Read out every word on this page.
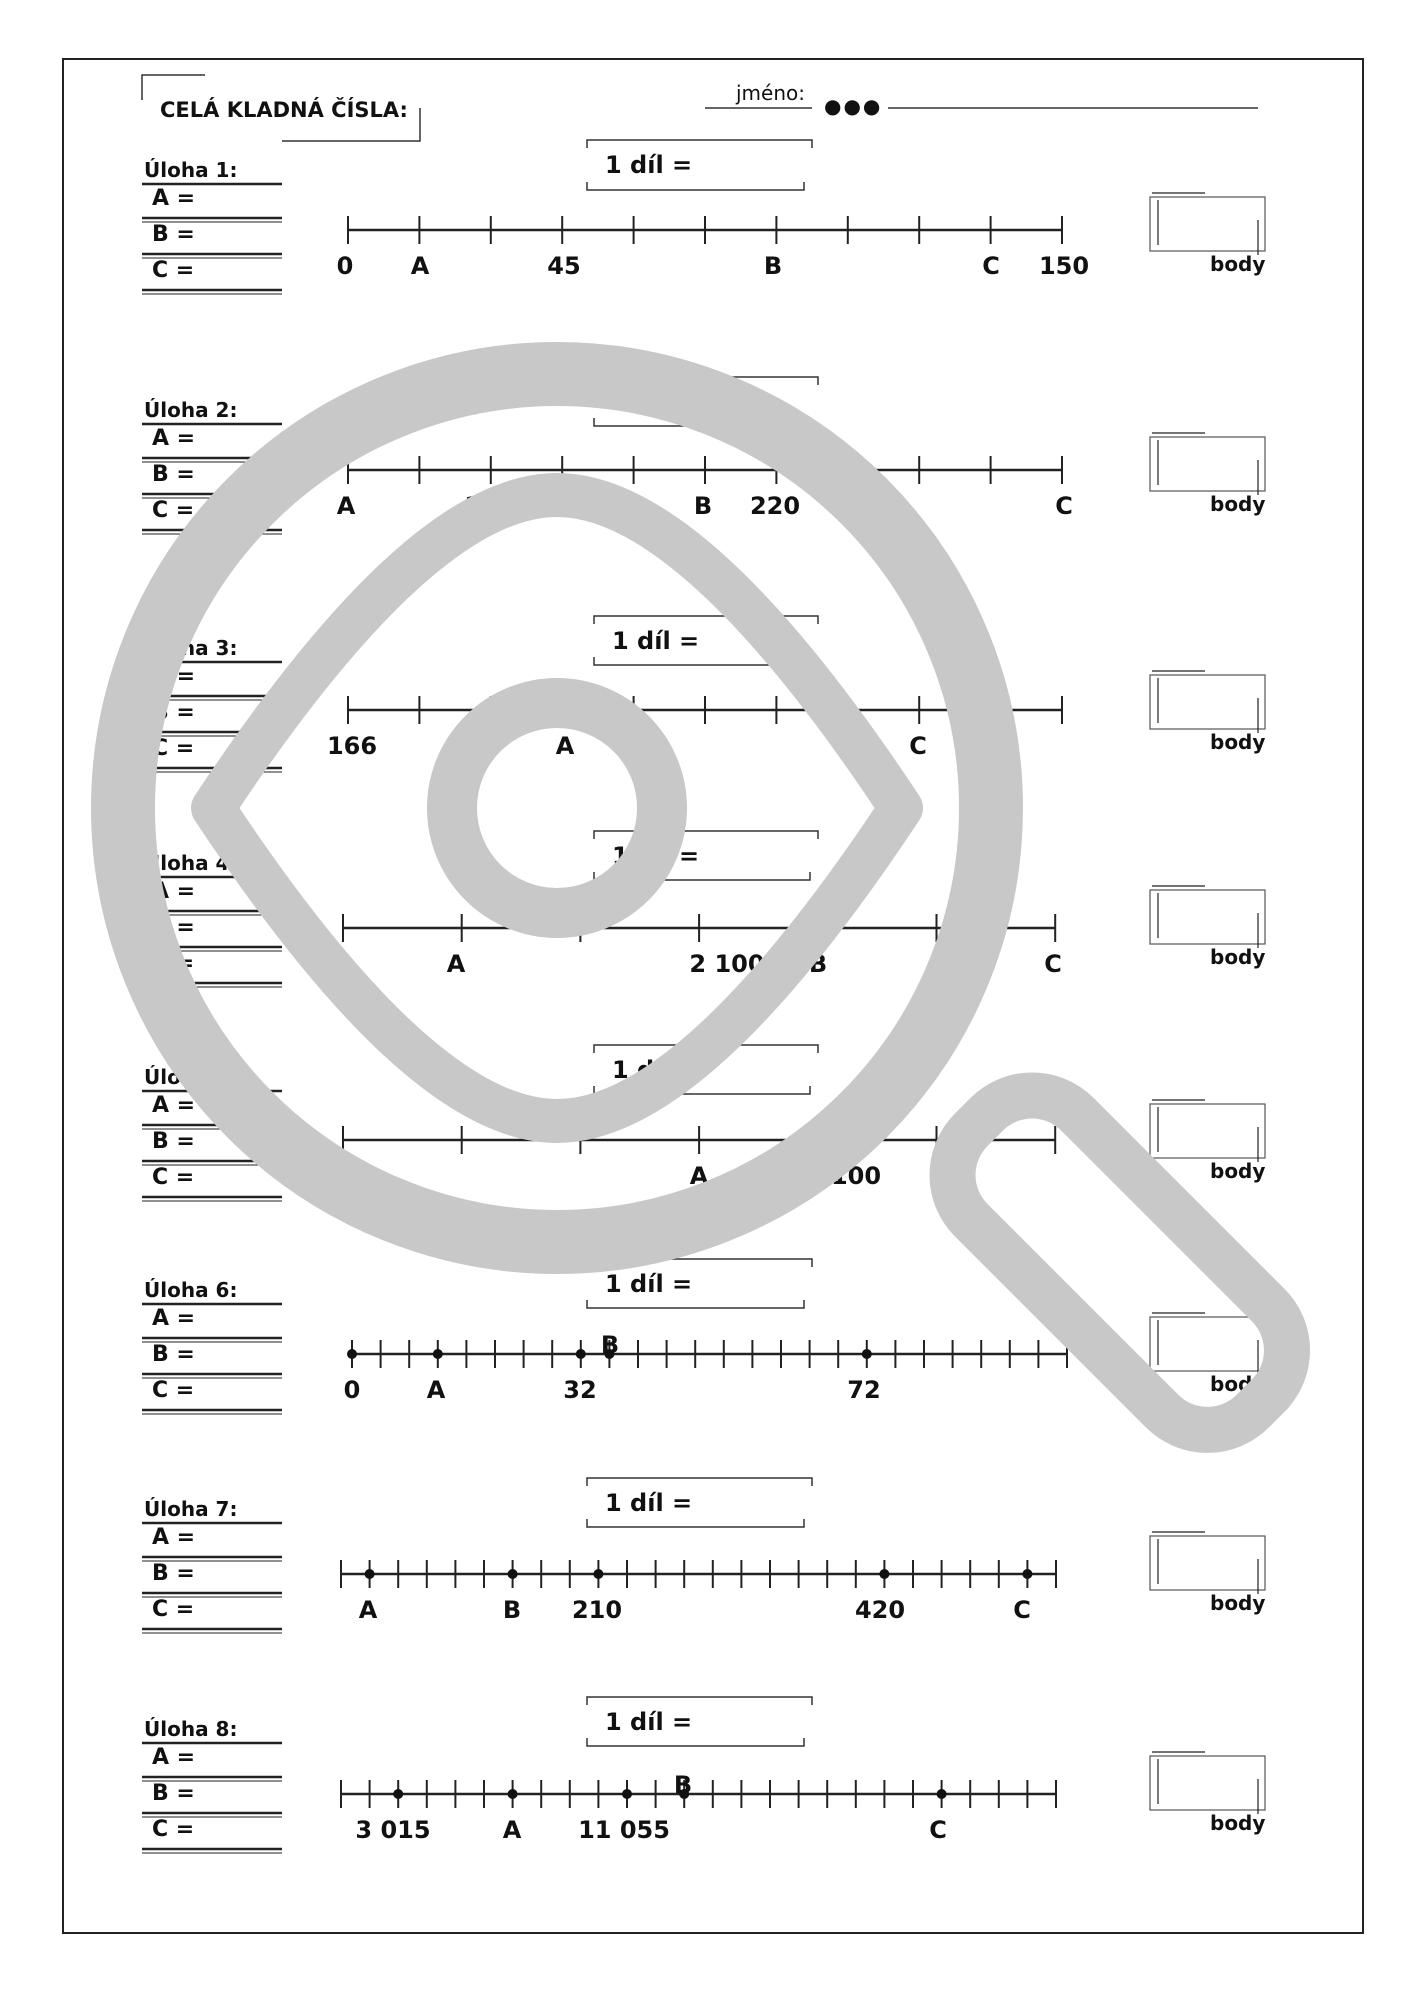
CELÁ KLADNÁ ČÍSLA:
jméno:
●●●
Úloha 1:
A =
B =
C =
1 díl =
body
0 A	45	B	C 150
Úloha 2:
A =
B =
C =
1 díl =
body
A	200	B 220	C
Úloha 3:
A =
B =
C =
1 díl =
body
166	A	C
Úloha 4:
A =
B =
C =
1 díl =
body
A	2 100 B	C
Úloha 5:
A =
B =
C =
1 díl =
body
A	100
Úloha 6:
A =
B =
C =
1 díl =
body
0	A	32
B
72
Úloha 7:
A =
B =
C =
1 díl =
body
A	B 210	420	C
Úloha 8:
A =
B =
C =
1 díl =
body
3 015	A 11 055
B
C
